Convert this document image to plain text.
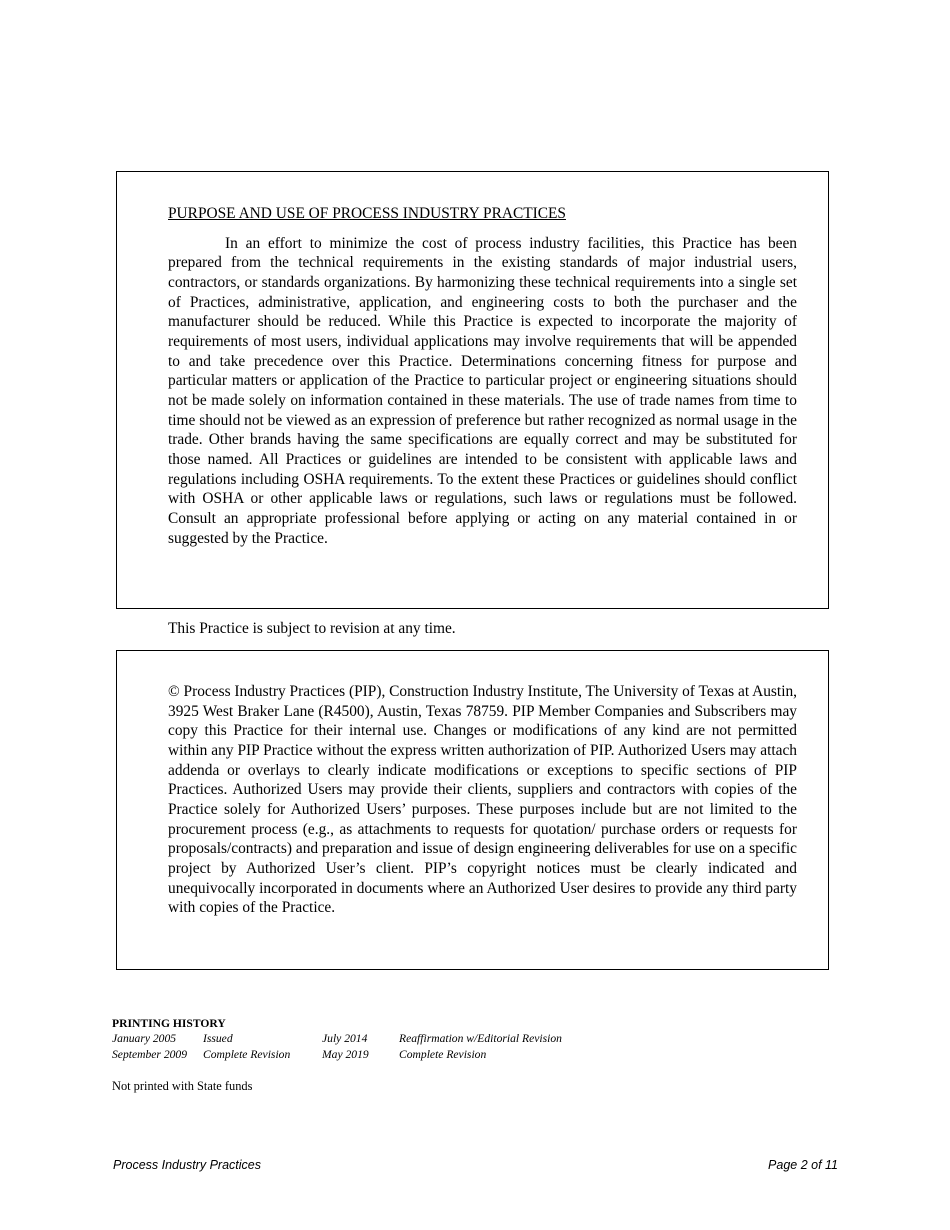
PURPOSE AND USE OF PROCESS INDUSTRY PRACTICES

In an effort to minimize the cost of process industry facilities, this Practice has been prepared from the technical requirements in the existing standards of major industrial users, contractors, or standards organizations. By harmonizing these technical requirements into a single set of Practices, administrative, application, and engineering costs to both the purchaser and the manufacturer should be reduced. While this Practice is expected to incorporate the majority of requirements of most users, individual applications may involve requirements that will be appended to and take precedence over this Practice. Determinations concerning fitness for purpose and particular matters or application of the Practice to particular project or engineering situations should not be made solely on information contained in these materials. The use of trade names from time to time should not be viewed as an expression of preference but rather recognized as normal usage in the trade. Other brands having the same specifications are equally correct and may be substituted for those named. All Practices or guidelines are intended to be consistent with applicable laws and regulations including OSHA requirements. To the extent these Practices or guidelines should conflict with OSHA or other applicable laws or regulations, such laws or regulations must be followed. Consult an appropriate professional before applying or acting on any material contained in or suggested by the Practice.

This Practice is subject to revision at any time.

© Process Industry Practices (PIP), Construction Industry Institute, The University of Texas at Austin, 3925 West Braker Lane (R4500), Austin, Texas 78759. PIP Member Companies and Subscribers may copy this Practice for their internal use. Changes or modifications of any kind are not permitted within any PIP Practice without the express written authorization of PIP. Authorized Users may attach addenda or overlays to clearly indicate modifications or exceptions to specific sections of PIP Practices. Authorized Users may provide their clients, suppliers and contractors with copies of the Practice solely for Authorized Users’ purposes. These purposes include but are not limited to the procurement process (e.g., as attachments to requests for quotation/ purchase orders or requests for proposals/contracts) and preparation and issue of design engineering deliverables for use on a specific project by Authorized User’s client. PIP’s copyright notices must be clearly indicated and unequivocally incorporated in documents where an Authorized User desires to provide any third party with copies of the Practice.

PRINTING HISTORY

January 2005	Issued	July 2014	Reaffirmation w/Editorial Revision
September 2009	Complete Revision	May 2019	Complete Revision

Not printed with State funds

Process Industry Practices	Page 2 of 11
